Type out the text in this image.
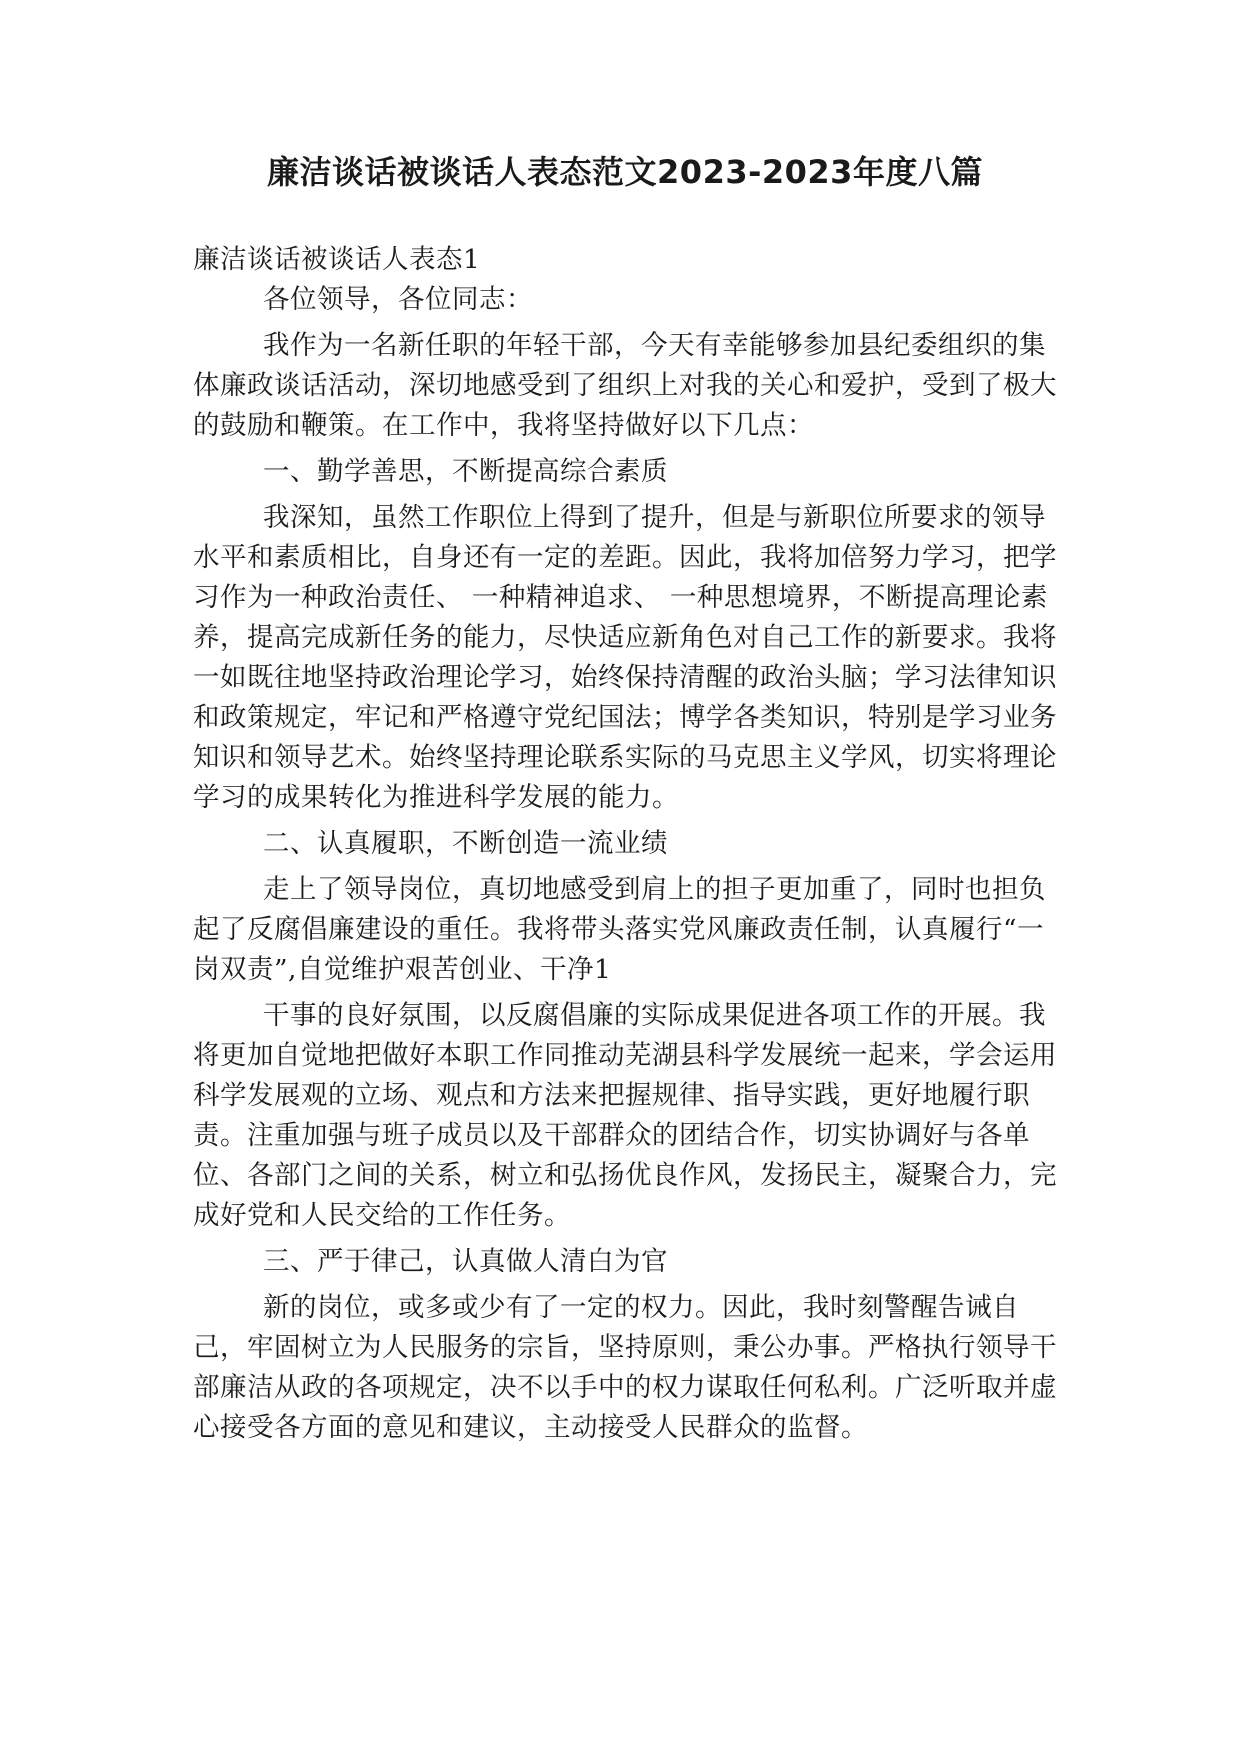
廉洁谈话被谈话人表态范文2023-2023年度八篇

廉洁谈话被谈话人表态1

各位领导，各位同志：

我作为一名新任职的年轻干部，今天有幸能够参加县纪委组织的集体廉政谈话活动，深切地感受到了组织上对我的关心和爱护，受到了极大的鼓励和鞭策。在工作中，我将坚持做好以下几点：

一、勤学善思，不断提高综合素质

我深知，虽然工作职位上得到了提升，但是与新职位所要求的领导水平和素质相比，自身还有一定的差距。因此，我将加倍努力学习，把学习作为一种政治责任、 一种精神追求、 一种思想境界，不断提高理论素养，提高完成新任务的能力，尽快适应新角色对自己工作的新要求。我将一如既往地坚持政治理论学习，始终保持清醒的政治头脑；学习法律知识和政策规定，牢记和严格遵守党纪国法；博学各类知识，特别是学习业务知识和领导艺术。始终坚持理论联系实际的马克思主义学风，切实将理论学习的成果转化为推进科学发展的能力。

二、认真履职，不断创造一流业绩

走上了领导岗位，真切地感受到肩上的担子更加重了，同时也担负起了反腐倡廉建设的重任。我将带头落实党风廉政责任制，认真履行“一岗双责”,自觉维护艰苦创业、干净1

干事的良好氛围，以反腐倡廉的实际成果促进各项工作的开展。我将更加自觉地把做好本职工作同推动芜湖县科学发展统一起来，学会运用科学发展观的立场、观点和方法来把握规律、指导实践，更好地履行职责。注重加强与班子成员以及干部群众的团结合作，切实协调好与各单位、各部门之间的关系，树立和弘扬优良作风，发扬民主，凝聚合力，完成好党和人民交给的工作任务。

三、严于律己，认真做人清白为官

新的岗位，或多或少有了一定的权力。因此，我时刻警醒告诫自己，牢固树立为人民服务的宗旨，坚持原则，秉公办事。严格执行领导干部廉洁从政的各项规定，决不以手中的权力谋取任何私利。广泛听取并虚心接受各方面的意见和建议，主动接受人民群众的监督。
